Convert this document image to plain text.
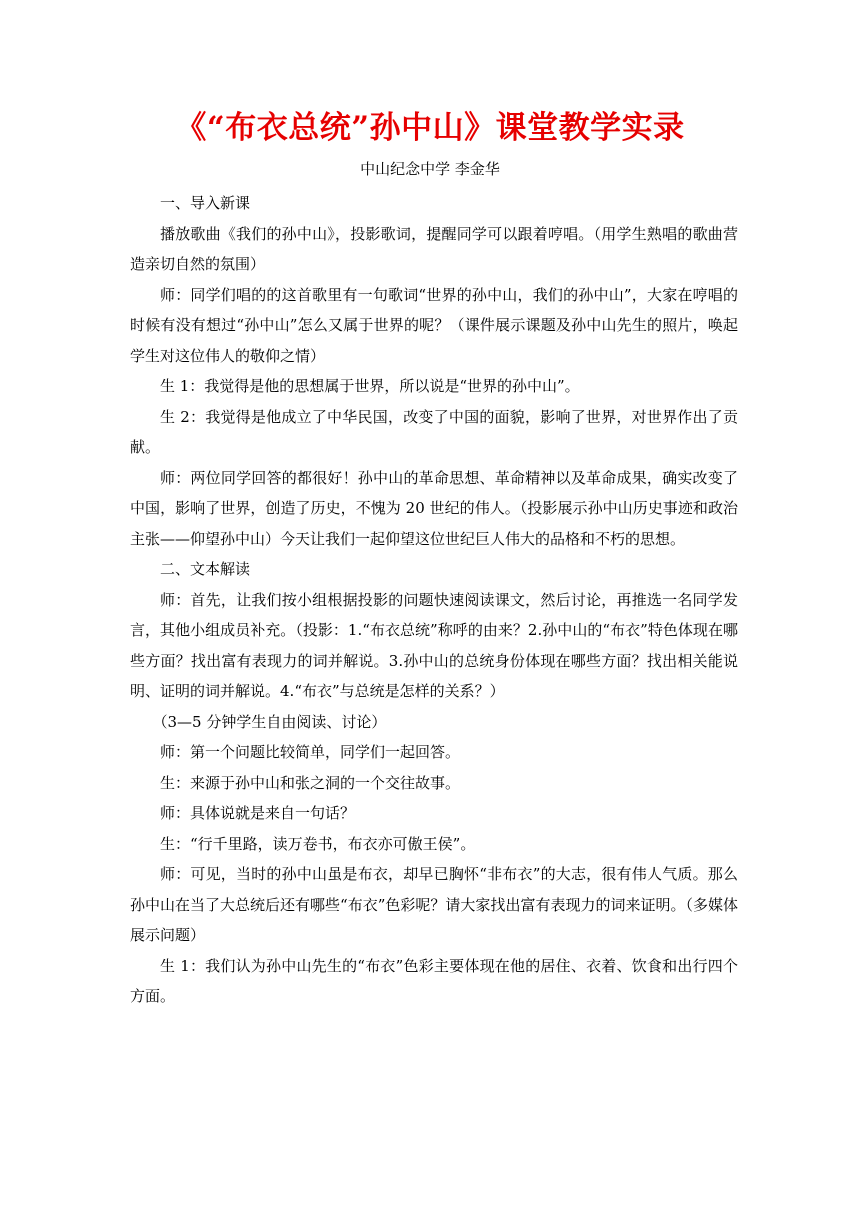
《“布衣总统”孙中山》课堂教学实录
中山纪念中学 李金华

一、导入新课

播放歌曲《我们的孙中山》，投影歌词，提醒同学可以跟着哼唱。（用学生熟唱的歌曲营造亲切自然的氛围）

师：同学们唱的的这首歌里有一句歌词“世界的孙中山，我们的孙中山”，大家在哼唱的时候有没有想过“孙中山”怎么又属于世界的呢？（课件展示课题及孙中山先生的照片，唤起学生对这位伟人的敬仰之情）

生 1：我觉得是他的思想属于世界，所以说是“世界的孙中山”。

生 2：我觉得是他成立了中华民国，改变了中国的面貌，影响了世界，对世界作出了贡献。

师：两位同学回答的都很好！孙中山的革命思想、革命精神以及革命成果，确实改变了中国，影响了世界，创造了历史，不愧为 20 世纪的伟人。（投影展示孙中山历史事迹和政治主张——仰望孙中山）今天让我们一起仰望这位世纪巨人伟大的品格和不朽的思想。

二、文本解读

师：首先，让我们按小组根据投影的问题快速阅读课文，然后讨论，再推选一名同学发言，其他小组成员补充。（投影：1.“布衣总统”称呼的由来？2.孙中山的“布衣”特色体现在哪些方面？找出富有表现力的词并解说。3.孙中山的总统身份体现在哪些方面？找出相关能说明、证明的词并解说。4.“布衣”与总统是怎样的关系？）

（3—5 分钟学生自由阅读、讨论）

师：第一个问题比较简单，同学们一起回答。

生：来源于孙中山和张之洞的一个交往故事。

师：具体说就是来自一句话？

生：“行千里路，读万卷书，布衣亦可傲王侯”。

师：可见，当时的孙中山虽是布衣，却早已胸怀“非布衣”的大志，很有伟人气质。那么孙中山在当了大总统后还有哪些“布衣”色彩呢？请大家找出富有表现力的词来证明。（多媒体展示问题）

生 1：我们认为孙中山先生的“布衣”色彩主要体现在他的居住、衣着、饮食和出行四个方面。
